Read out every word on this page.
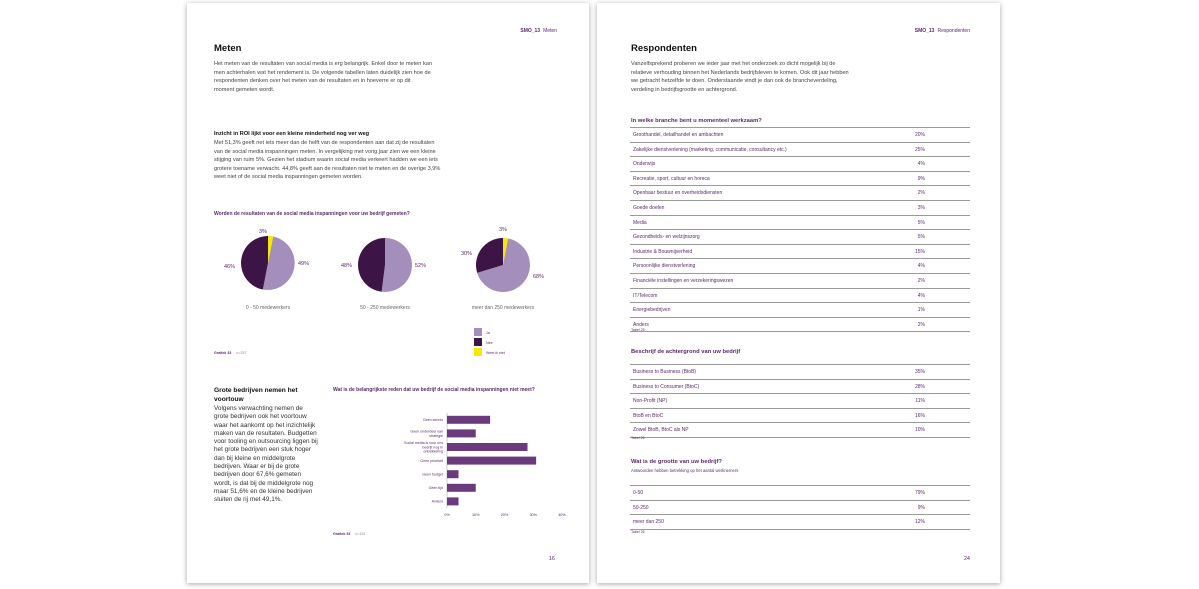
SMO_13 Meten
Meten
Het meten van de resultaten van social media is erg belangrijk. Enkel door te meten kan men achterhalen wat het rendement is. De volgende tabellen laten duidelijk zien hoe de respondenten denken over het meten van de resultaten en in hoeverre er op dit moment gemeten wordt.
Inzicht in ROI lijkt voor een kleine minderheid nog ver weg
Met 51,3% geeft net iets meer dan de helft van de respondenten aan dat zij de resultaten van de social media inspanningen meten. In vergelijking met vorig jaar zien we een kleine stijging van ruim 5%. Gezien het stadium waarin social media verkeert hadden we een iets grotere toename verwacht. 44,8% geeft aan de resultaten niet te meten en de overige 3,9% weet niet of de social media inspanningen gemeten worden.
Worden de resultaten van de social media inspanningen voor uw bedrijf gemeten?
49%
46%
3%
0 - 50 medewerkers
52%
48%
50 - 250 medewerkers
68%
30%
3%
meer dan 250 medewerkers
Ja
Nee
Weet ik niet
Grafiek 33 n=337
Grote bedrijven nemen het voortouw
Volgens verwachting nemen de grote bedrijven ook het voortouw waar het aankomt op het inzichtelijk maken van de resultaten. Budgetten voor tooling en outsourcing liggen bij het grote bedrijven een stuk hoger dan bij kleine en middelgrote bedrijven. Waar er bij de grote bedrijven door 67,6% gemeten wordt, is dat bij de middelgrote nog maar 51,6% en de kleine bedrijven sluiten de rij met 49,1%.
Wat is de belangrijkste reden dat uw bedrijf de social media inspanningen niet meet?
Geen kennis
Geen onderdeel van strategie
Social media is voor ons bedrijf nog in ontwikkeling
Geen prioriteit
Geen budget
Geen tijd
Anders
0%	10%	20%	30%	40%
Grafiek 34 n=151
16
SMO_13 Respondenten
Respondenten
Vanzelfsprekend proberen we ieder jaar met het onderzoek zo dicht mogelijk bij de relatieve verhouding binnen het Nederlands bedrijfsleven te komen. Ook dit jaar hebben we getracht hetzelfde te doen. Onderstaande vindt je dan ook de brancheverdeling, verdeling in bedrijfsgrootte en achtergrond.
In welke branche bent u momenteel werkzaam?
Groothandel, detailhandel en ambachten	20%
Zakelijke dienstverlening (marketing, communicatie, consultancy etc.)	25%
Onderwijs	4%
Recreatie, sport, cultuur en horeca	9%
Openbaar bestuur en overheidsdiensten	2%
Goede doelen	3%
Media	5%
Gezondheids- en welzijnszorg	5%
Industrie & Bouwnijverheid	15%
Persoonlijke dienstverlening	4%
Financiële instellingen en verzekeringswezen	2%
IT/Telecom	4%
Energiebedrijven	1%
Anders	2%
Tabel 25
Beschrijf de achtergrond van uw bedrijf
Business to Business (BtoB)	35%
Business to Consumer (BtoC)	28%
Non-Profit (NP)	11%
BtoB en BtoC	16%
Zowel BtoB, BtoC als NP	10%
Tabel 26
Wat is de grootte van uw bedrijf?
Antwoorden hebben betrekking op het aantal werknemers
0-50	79%
50-250	9%
meer dan 250	12%
Tabel 26
24
